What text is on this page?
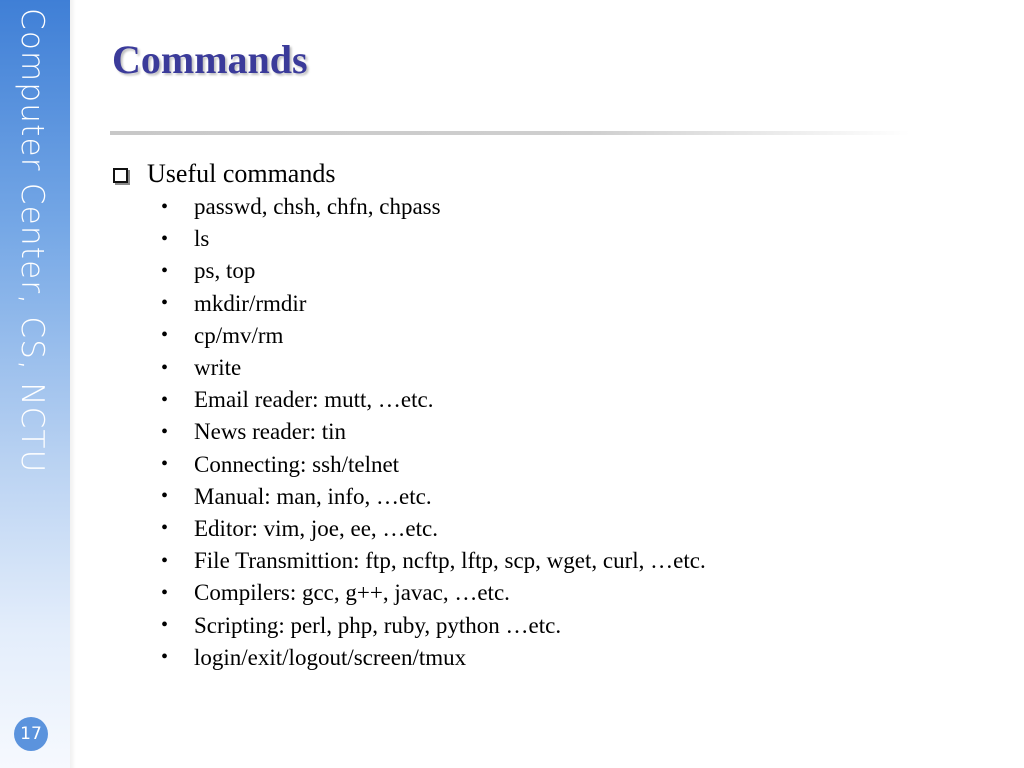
Computer Center, CS, NCTU
17
Commands
Useful commands
•	passwd, chsh, chfn, chpass
•	ls
•	ps, top
•	mkdir/rmdir
•	cp/mv/rm
•	write
•	Email reader: mutt, …etc.
•	News reader: tin
•	Connecting: ssh/telnet
•	Manual: man, info, …etc.
•	Editor: vim, joe, ee, …etc.
•	File Transmittion: ftp, ncftp, lftp, scp, wget, curl, …etc.
•	Compilers: gcc, g++, javac, …etc.
•	Scripting: perl, php, ruby, python …etc.
•	login/exit/logout/screen/tmux
